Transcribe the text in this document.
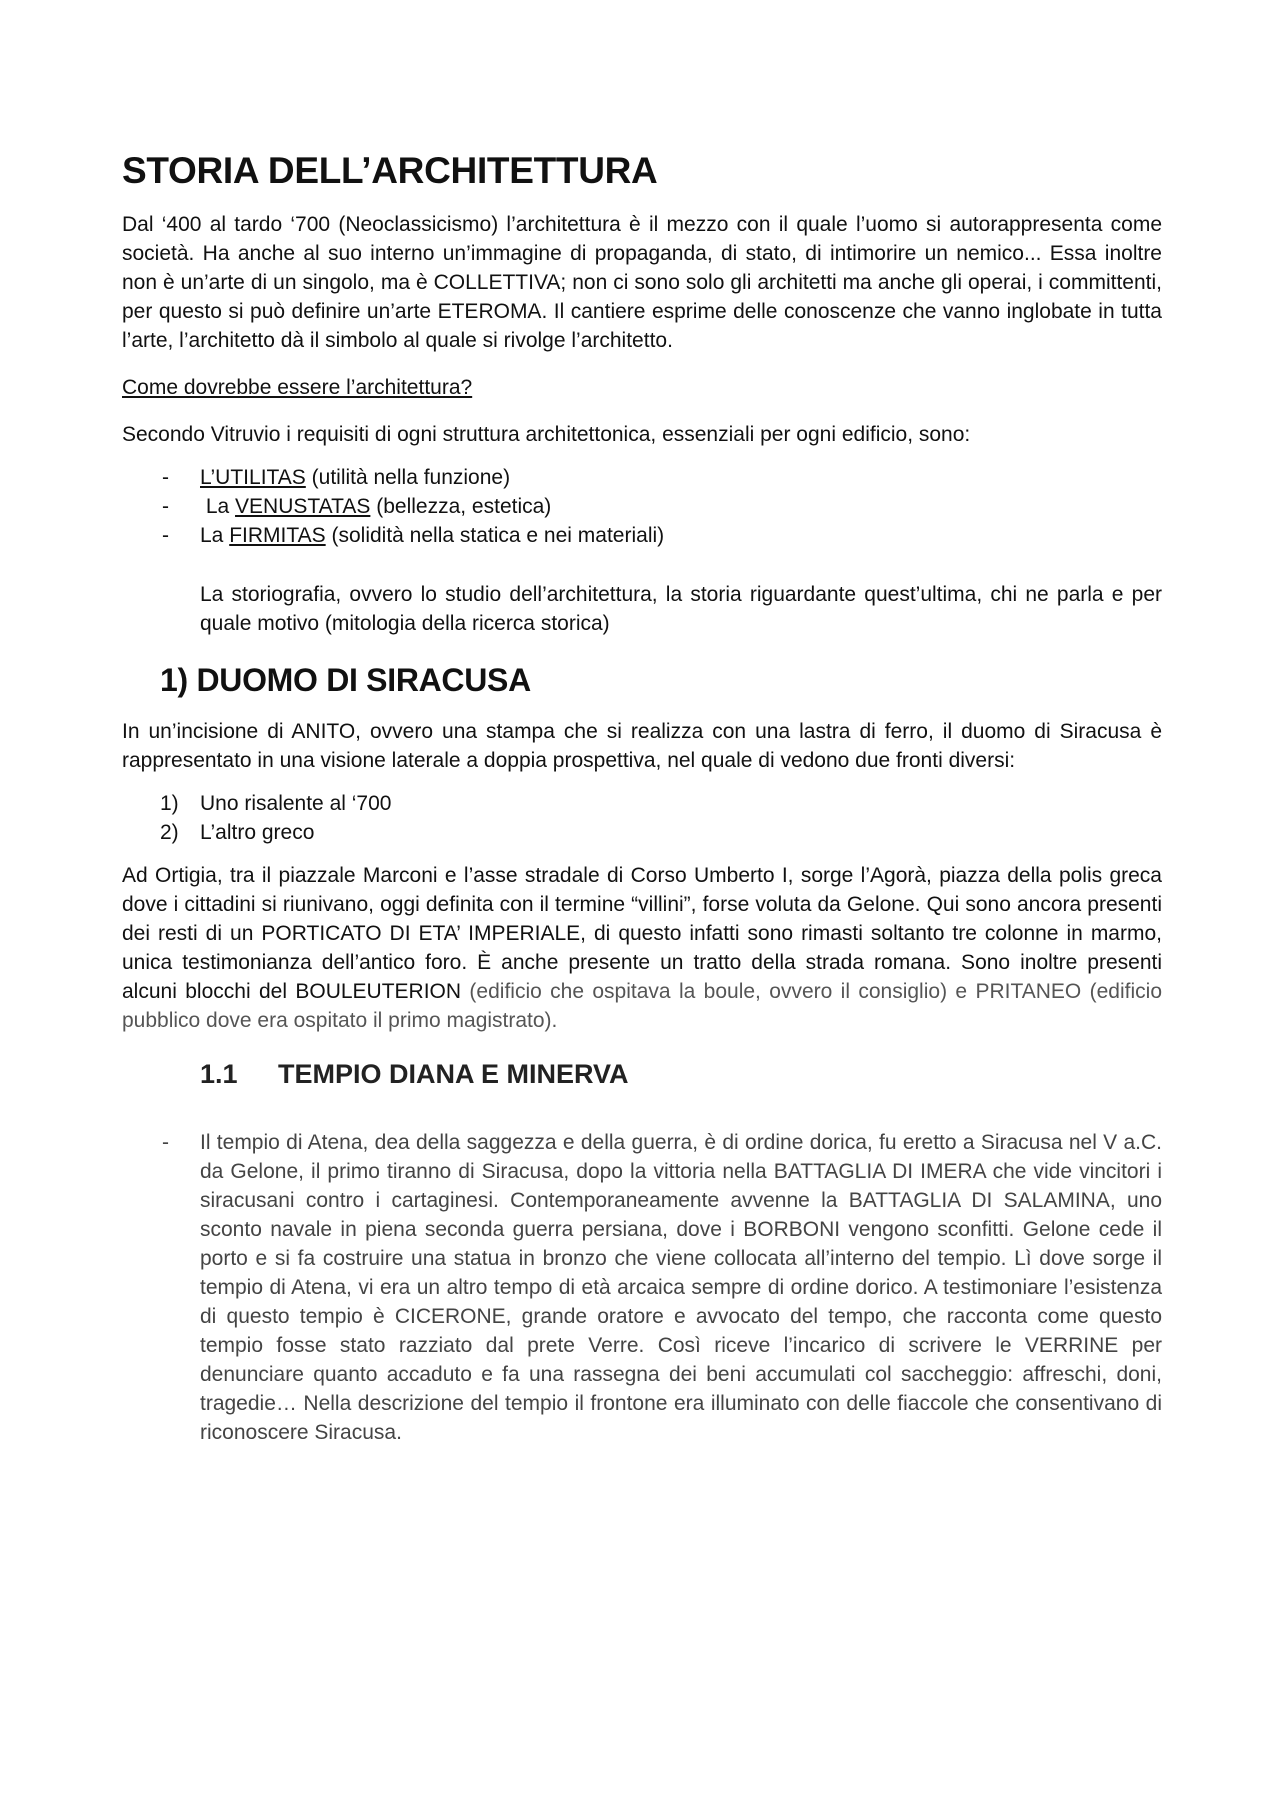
STORIA DELL’ARCHITETTURA

Dal ‘400 al tardo ‘700 (Neoclassicismo) l’architettura è il mezzo con il quale l’uomo si autorappresenta come società. Ha anche al suo interno un’immagine di propaganda, di stato, di intimorire un nemico... Essa inoltre non è un’arte di un singolo, ma è COLLETTIVA; non ci sono solo gli architetti ma anche gli operai, i committenti, per questo si può definire un’arte ETEROMA. Il cantiere esprime delle conoscenze che vanno inglobate in tutta l’arte, l’architetto dà il simbolo al quale si rivolge l’architetto.

Come dovrebbe essere l’architettura?

Secondo Vitruvio i requisiti di ogni struttura architettonica, essenziali per ogni edificio, sono:

- L’UTILITAS (utilità nella funzione)
- La VENUSTATAS (bellezza, estetica)
- La FIRMITAS (solidità nella statica e nei materiali)

La storiografia, ovvero lo studio dell’architettura, la storia riguardante quest’ultima, chi ne parla e per quale motivo (mitologia della ricerca storica)

1) DUOMO DI SIRACUSA

In un’incisione di ANITO, ovvero una stampa che si realizza con una lastra di ferro, il duomo di Siracusa è rappresentato in una visione laterale a doppia prospettiva, nel quale di vedono due fronti diversi:

1) Uno risalente al ‘700
2) L’altro greco

Ad Ortigia, tra il piazzale Marconi e l’asse stradale di Corso Umberto I, sorge l’Agorà, piazza della polis greca dove i cittadini si riunivano, oggi definita con il termine “villini”, forse voluta da Gelone. Qui sono ancora presenti dei resti di un PORTICATO DI ETA’ IMPERIALE, di questo infatti sono rimasti soltanto tre colonne in marmo, unica testimonianza dell’antico foro. È anche presente un tratto della strada romana. Sono inoltre presenti alcuni blocchi del BOULEUTERION (edificio che ospitava la boule, ovvero il consiglio) e PRITANEO (edificio pubblico dove era ospitato il primo magistrato).

1.1 TEMPIO DIANA E MINERVA
- Il tempio di Atena, dea della saggezza e della guerra, è di ordine dorica, fu eretto a Siracusa nel V a.C. da Gelone, il primo tiranno di Siracusa, dopo la vittoria nella BATTAGLIA DI IMERA che vide vincitori i siracusani contro i cartaginesi. Contemporaneamente avvenne la BATTAGLIA DI SALAMINA, uno sconto navale in piena seconda guerra persiana, dove i BORBONI vengono sconfitti. Gelone cede il porto e si fa costruire una statua in bronzo che viene collocata all’interno del tempio. Lì dove sorge il tempio di Atena, vi era un altro tempo di età arcaica sempre di ordine dorico. A testimoniare l’esistenza di questo tempio è CICERONE, grande oratore e avvocato del tempo, che racconta come questo tempio fosse stato razziato dal prete Verre. Così riceve l’incarico di scrivere le VERRINE per denunciare quanto accaduto e fa una rassegna dei beni accumulati col saccheggio: affreschi, doni, tragedie… Nella descrizione del tempio il frontone era illuminato con delle fiaccole che consentivano di riconoscere Siracusa.
